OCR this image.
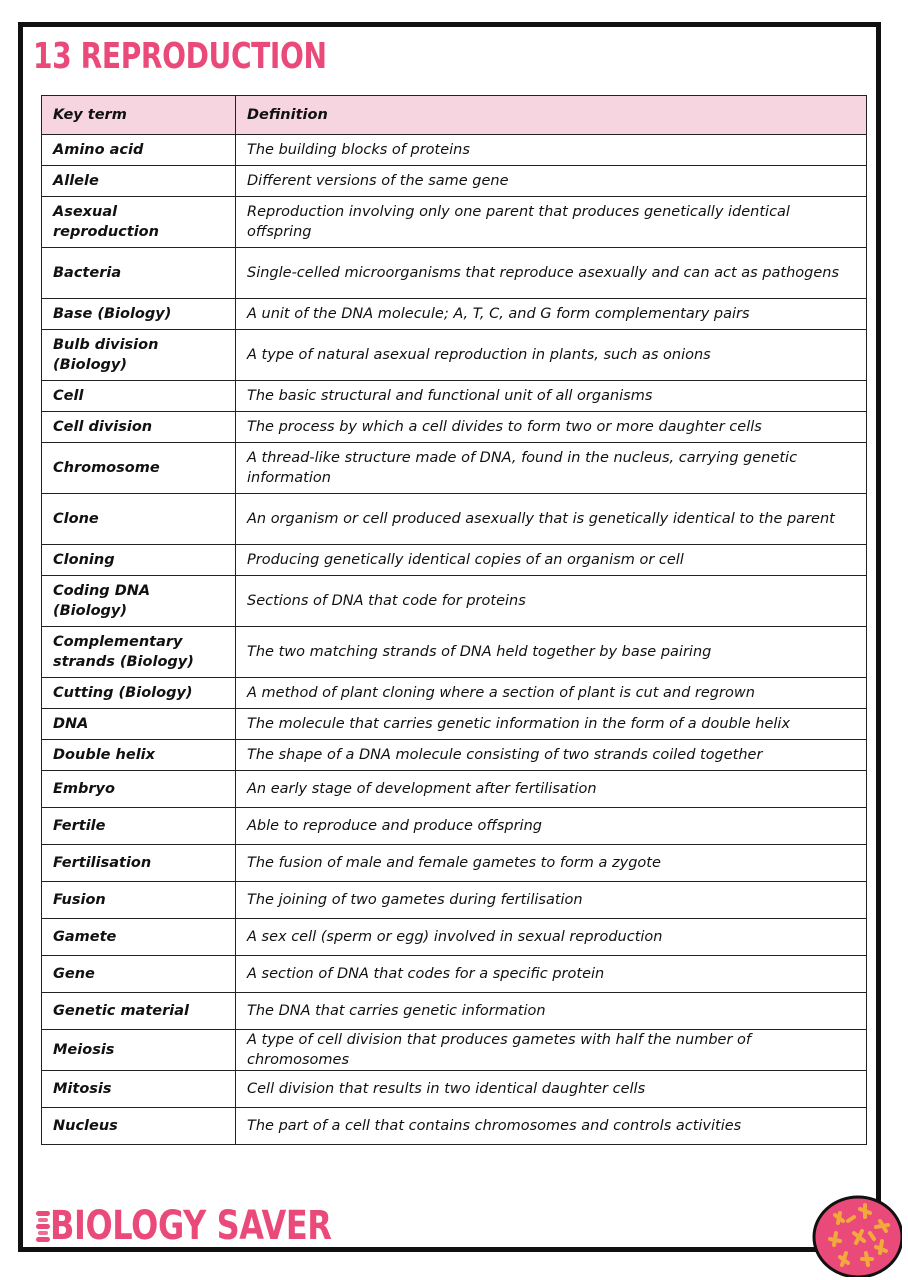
13 REPRODUCTION
Key term	Definition
Amino acid	The building blocks of proteins
Allele	Different versions of the same gene
Asexual reproduction	Reproduction involving only one parent that produces genetically identical offspring
Bacteria	Single-celled microorganisms that reproduce asexually and can act as pathogens
Base (Biology)	A unit of the DNA molecule; A, T, C, and G form complementary pairs
Bulb division (Biology)	A type of natural asexual reproduction in plants, such as onions
Cell	The basic structural and functional unit of all organisms
Cell division	The process by which a cell divides to form two or more daughter cells
Chromosome	A thread-like structure made of DNA, found in the nucleus, carrying genetic information
Clone	An organism or cell produced asexually that is genetically identical to the parent
Cloning	Producing genetically identical copies of an organism or cell
Coding DNA (Biology)	Sections of DNA that code for proteins
Complementary strands (Biology)	The two matching strands of DNA held together by base pairing
Cutting (Biology)	A method of plant cloning where a section of plant is cut and regrown
DNA	The molecule that carries genetic information in the form of a double helix
Double helix	The shape of a DNA molecule consisting of two strands coiled together
Embryo	An early stage of development after fertilisation
Fertile	Able to reproduce and produce offspring
Fertilisation	The fusion of male and female gametes to form a zygote
Fusion	The joining of two gametes during fertilisation
Gamete	A sex cell (sperm or egg) involved in sexual reproduction
Gene	A section of DNA that codes for a specific protein
Genetic material	The DNA that carries genetic information
Meiosis	A type of cell division that produces gametes with half the number of chromosomes
Mitosis	Cell division that results in two identical daughter cells
Nucleus	The part of a cell that contains chromosomes and controls activities
BIOLOGY SAVER
